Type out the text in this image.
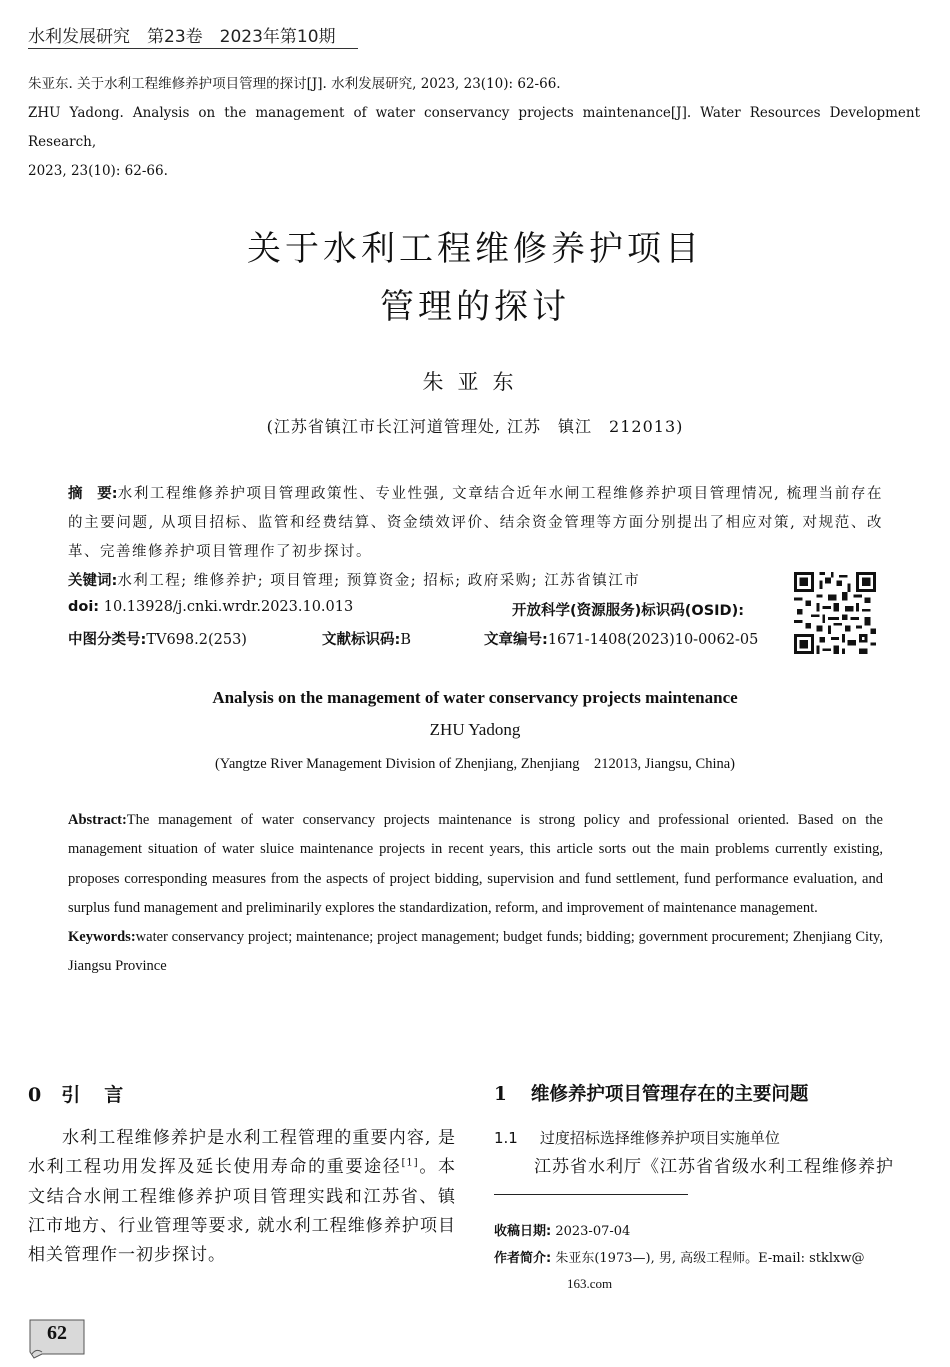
水利发展研究　第23卷　2023年第10期

朱亚东. 关于水利工程维修养护项目管理的探讨[J]. 水利发展研究, 2023, 23(10): 62-66.

ZHU Yadong. Analysis on the management of water conservancy projects maintenance[J]. Water Resources Development Research,

2023, 23(10): 62-66.

关于水利工程维修养护项目
管理的探讨
朱亚东
(江苏省镇江市长江河道管理处, 江苏　镇江　212013)
摘　要:水利工程维修养护项目管理政策性、专业性强, 文章结合近年水闸工程维修养护项目管理情况, 梳理当前存在的主要问题, 从项目招标、监管和经费结算、资金绩效评价、结余资金管理等方面分别提出了相应对策, 对规范、改革、完善维修养护项目管理作了初步探讨。
关键词:水利工程; 维修养护; 项目管理; 预算资金; 招标; 政府采购; 江苏省镇江市
doi: 10.13928/j.cnki.wrdr.2023.10.013	开放科学(资源服务)标识码(OSID):
中图分类号:TV698.2(253)	文献标识码:B	文章编号:1671-1408(2023)10-0062-05
Analysis on the management of water conservancy projects maintenance
ZHU Yadong
(Yangtze River Management Division of Zhenjiang, Zhenjiang　212013, Jiangsu, China)

Abstract:The management of water conservancy projects maintenance is strong policy and professional oriented. Based on the management situation of water sluice maintenance projects in recent years, this article sorts out the main problems currently existing, proposes corresponding measures from the aspects of project bidding, supervision and fund settlement, fund performance evaluation, and surplus fund management and preliminarily explores the standardization, reform, and improvement of maintenance management.

Keywords:water conservancy project; maintenance; project management; budget funds; bidding; government procurement; Zhenjiang City, Jiangsu Province

0 引 言
水利工程维修养护是水利工程管理的重要内容, 是水利工程功用发挥及延长使用寿命的重要途径[1]。本文结合水闸工程维修养护项目管理实践和江苏省、镇江市地方、行业管理等要求, 就水利工程维修养护项目相关管理作一初步探讨。
1 维修养护项目管理存在的主要问题
1.1 过度招标选择维修养护项目实施单位
江苏省水利厅《江苏省省级水利工程维修养护
收稿日期: 2023-07-04
作者简介: 朱亚东(1973—), 男, 高级工程师。E-mail: stklxw@
163.com
62
